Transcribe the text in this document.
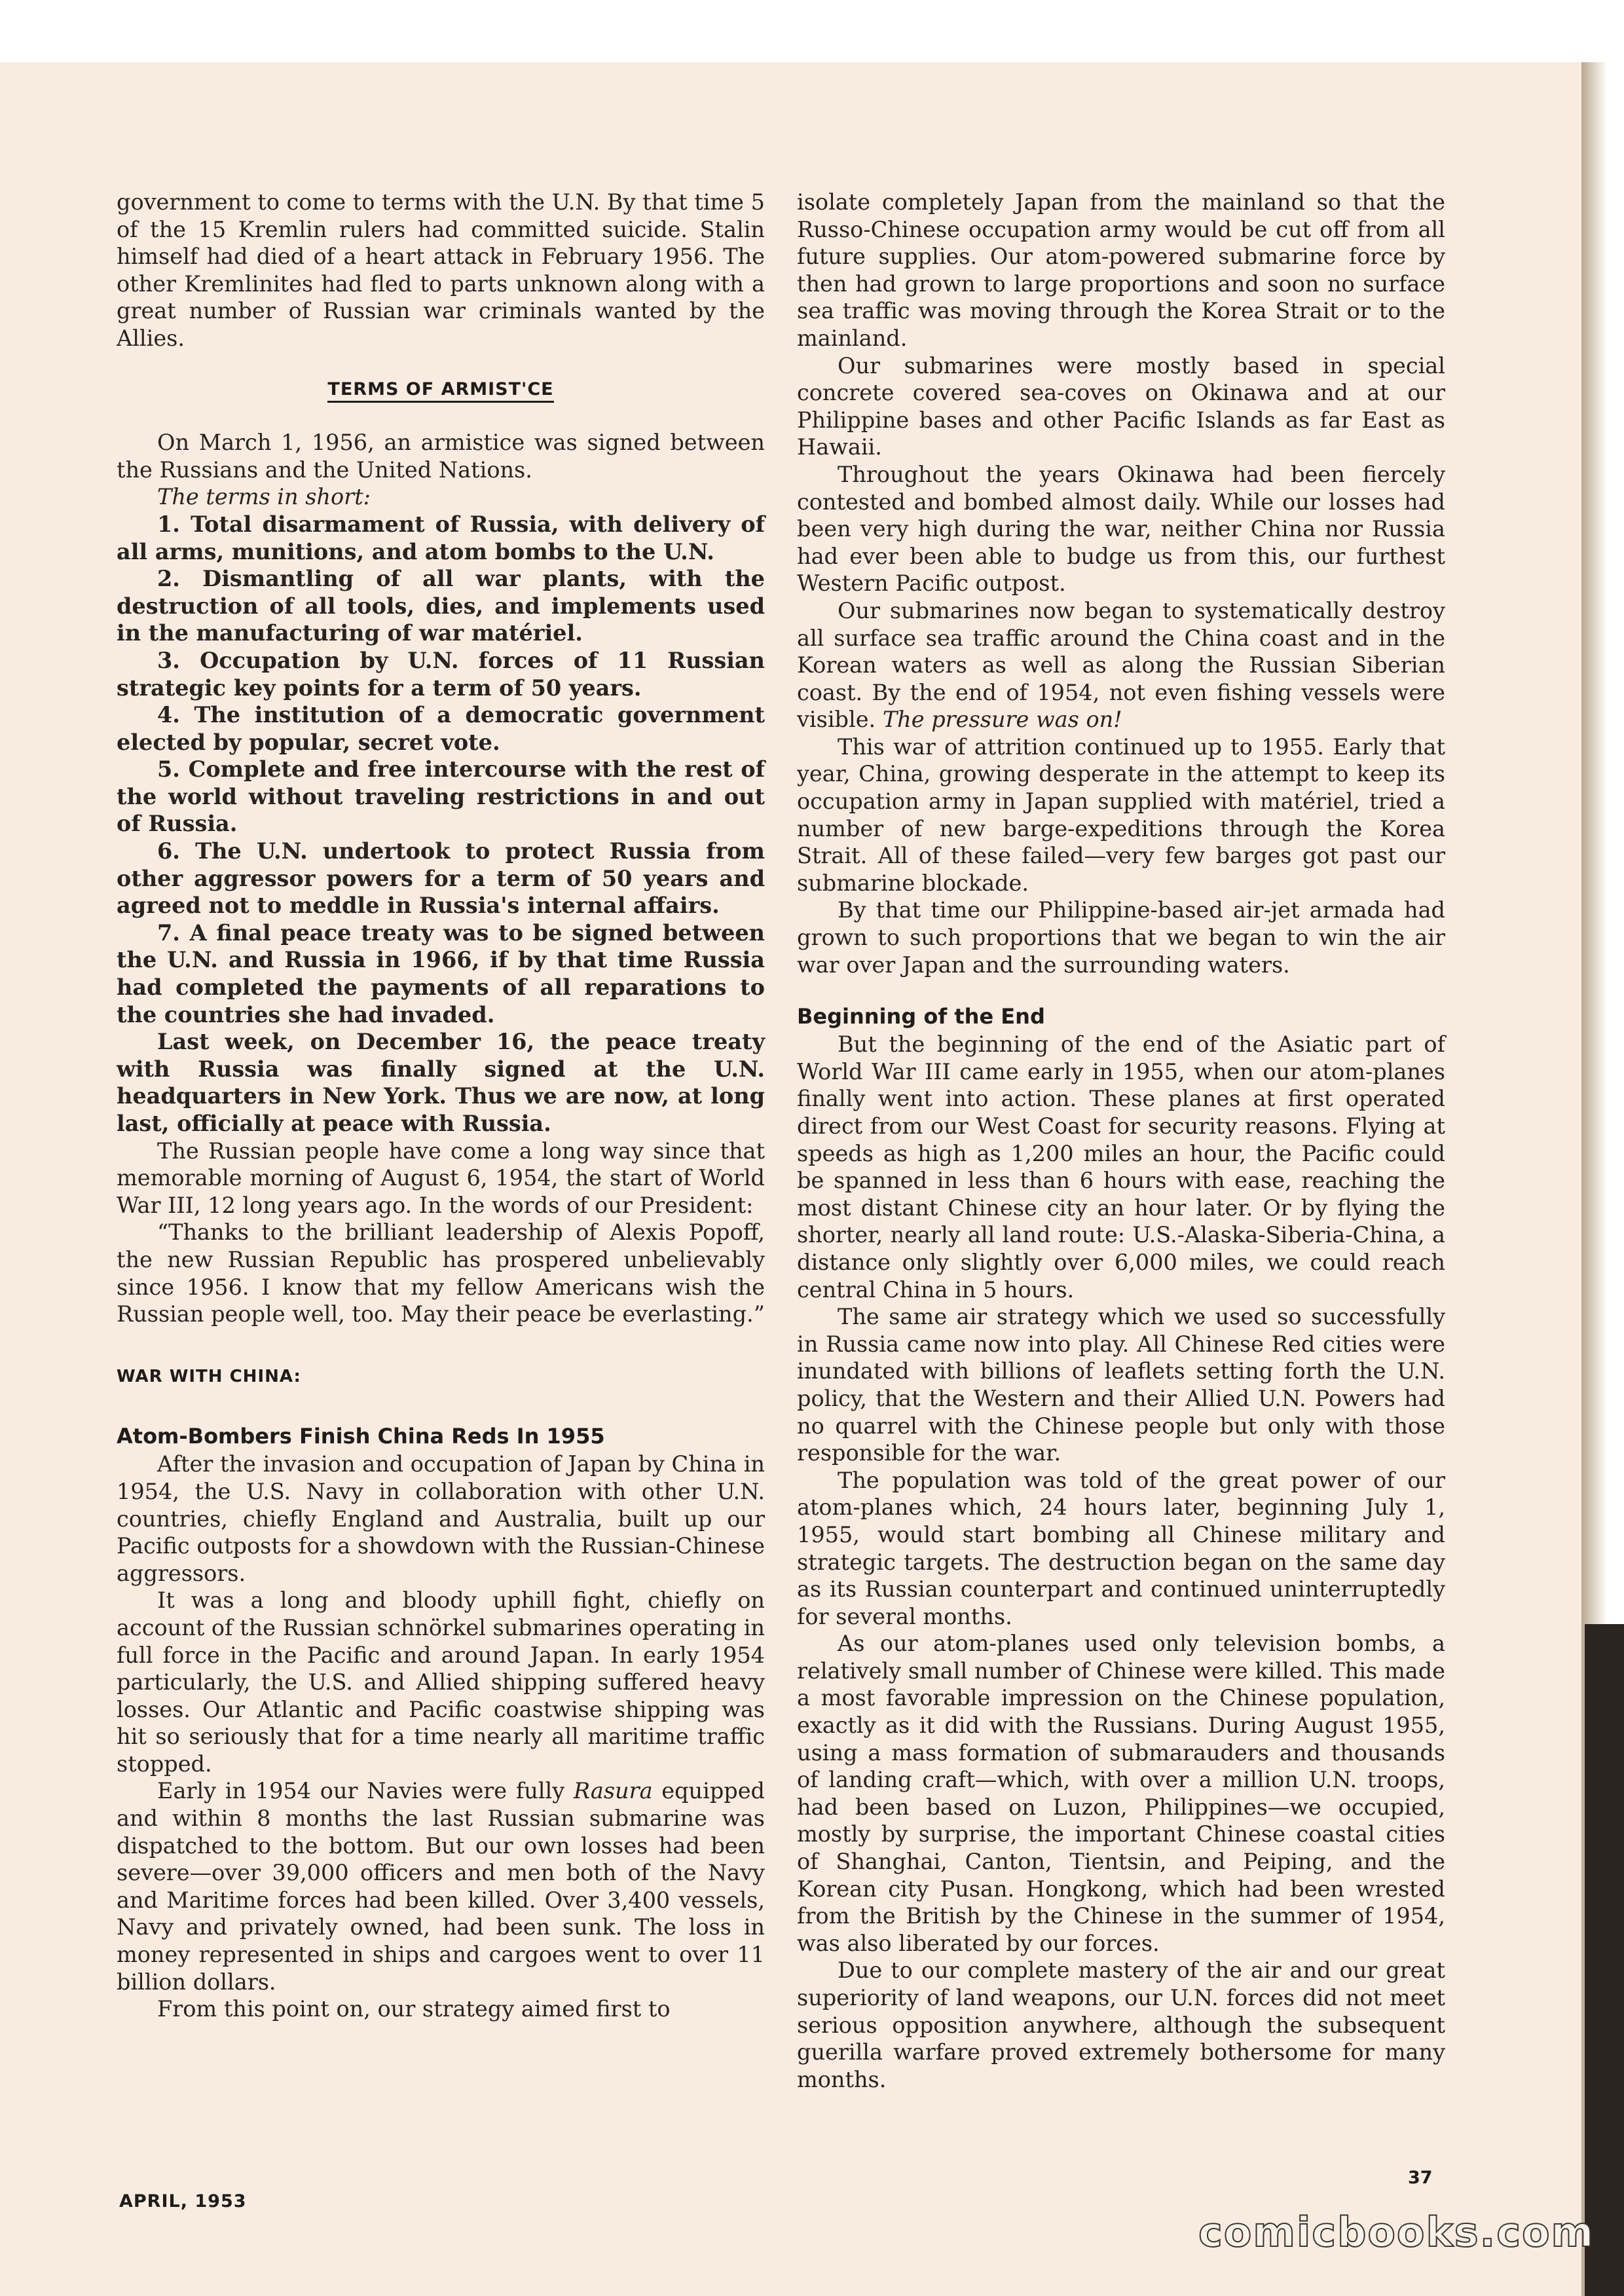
government to come to terms with the U.N. By that time 5 of the 15 Kremlin rulers had committed suicide. Stalin himself had died of a heart attack in February 1956. The other Kremlinites had fled to parts unknown along with a great number of Russian war criminals wanted by the Allies.

TERMS OF ARMIST'CE

On March 1, 1956, an armistice was signed between the Russians and the United Nations.

The terms in short:

1. Total disarmament of Russia, with delivery of all arms, munitions, and atom bombs to the U.N.

2. Dismantling of all war plants, with the destruction of all tools, dies, and implements used in the manufacturing of war matériel.

3. Occupation by U.N. forces of 11 Russian strategic key points for a term of 50 years.

4. The institution of a democratic government elected by popular, secret vote.

5. Complete and free intercourse with the rest of the world without traveling restrictions in and out of Russia.

6. The U.N. undertook to protect Russia from other aggressor powers for a term of 50 years and agreed not to meddle in Russia's internal affairs.

7. A final peace treaty was to be signed between the U.N. and Russia in 1966, if by that time Russia had completed the payments of all reparations to the countries she had invaded.

Last week, on December 16, the peace treaty with Russia was finally signed at the U.N. headquarters in New York. Thus we are now, at long last, officially at peace with Russia.

The Russian people have come a long way since that memorable morning of August 6, 1954, the start of World War III, 12 long years ago. In the words of our President:

“Thanks to the brilliant leadership of Alexis Popoff, the new Russian Republic has prospered unbelievably since 1956. I know that my fellow Americans wish the Russian people well, too. May their peace be everlasting.”

WAR WITH CHINA:
Atom-Bombers Finish China Reds In 1955

After the invasion and occupation of Japan by China in 1954, the U.S. Navy in collaboration with other U.N. countries, chiefly England and Australia, built up our Pacific outposts for a showdown with the Russian-Chinese aggressors.

It was a long and bloody uphill fight, chiefly on account of the Russian schnörkel submarines operating in full force in the Pacific and around Japan. In early 1954 particularly, the U.S. and Allied shipping suffered heavy losses. Our Atlantic and Pacific coastwise shipping was hit so seriously that for a time nearly all maritime traffic stopped.

Early in 1954 our Navies were fully Rasura equipped and within 8 months the last Russian submarine was dispatched to the bottom. But our own losses had been severe—over 39,000 officers and men both of the Navy and Maritime forces had been killed. Over 3,400 vessels, Navy and privately owned, had been sunk. The loss in money represented in ships and cargoes went to over 11 billion dollars.

From this point on, our strategy aimed first to

isolate completely Japan from the mainland so that the Russo-Chinese occupation army would be cut off from all future supplies. Our atom-powered submarine force by then had grown to large proportions and soon no surface sea traffic was moving through the Korea Strait or to the mainland.

Our submarines were mostly based in special concrete covered sea-coves on Okinawa and at our Philippine bases and other Pacific Islands as far East as Hawaii.

Throughout the years Okinawa had been fiercely contested and bombed almost daily. While our losses had been very high during the war, neither China nor Russia had ever been able to budge us from this, our furthest Western Pacific outpost.

Our submarines now began to systematically destroy all surface sea traffic around the China coast and in the Korean waters as well as along the Russian Siberian coast. By the end of 1954, not even fishing vessels were visible. The pressure was on!

This war of attrition continued up to 1955. Early that year, China, growing desperate in the attempt to keep its occupation army in Japan supplied with matériel, tried a number of new barge-expeditions through the Korea Strait. All of these failed—very few barges got past our submarine blockade.

By that time our Philippine-based air-jet armada had grown to such proportions that we began to win the air war over Japan and the surrounding waters.

Beginning of the End

But the beginning of the end of the Asiatic part of World War III came early in 1955, when our atom-planes finally went into action. These planes at first operated direct from our West Coast for security reasons. Flying at speeds as high as 1,200 miles an hour, the Pacific could be spanned in less than 6 hours with ease, reaching the most distant Chinese city an hour later. Or by flying the shorter, nearly all land route: U.S.-Alaska-Siberia-China, a distance only slightly over 6,000 miles, we could reach central China in 5 hours.

The same air strategy which we used so successfully in Russia came now into play. All Chinese Red cities were inundated with billions of leaflets setting forth the U.N. policy, that the Western and their Allied U.N. Powers had no quarrel with the Chinese people but only with those responsible for the war.

The population was told of the great power of our atom-planes which, 24 hours later, beginning July 1, 1955, would start bombing all Chinese military and strategic targets. The destruction began on the same day as its Russian counterpart and continued uninterruptedly for several months.

As our atom-planes used only television bombs, a relatively small number of Chinese were killed. This made a most favorable impression on the Chinese population, exactly as it did with the Russians. During August 1955, using a mass formation of submarauders and thousands of landing craft—which, with over a million U.N. troops, had been based on Luzon, Philippines—we occupied, mostly by surprise, the important Chinese coastal cities of Shanghai, Canton, Tientsin, and Peiping, and the Korean city Pusan. Hongkong, which had been wrested from the British by the Chinese in the summer of 1954, was also liberated by our forces.

Due to our complete mastery of the air and our great superiority of land weapons, our U.N. forces did not meet serious opposition anywhere, although the subsequent guerilla warfare proved extremely bothersome for many months.

APRIL, 1953
37
comicbooks.com
